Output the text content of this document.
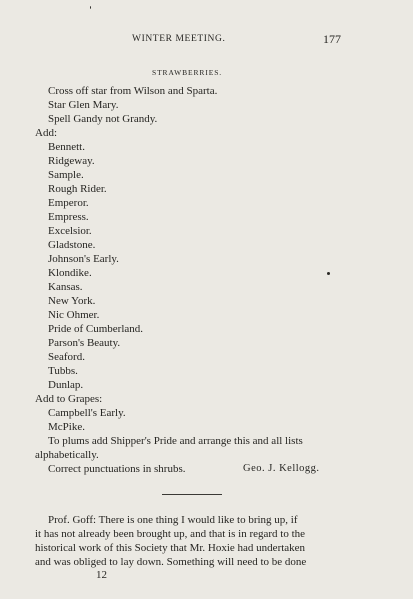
WINTER MEETING.	177
STRAWBERRIES.
Cross off star from Wilson and Sparta.
Star Glen Mary.
Spell Gandy not Grandy.
Add:
Bennett.
Ridgeway.
Sample.
Rough Rider.
Emperor.
Empress.
Excelsior.
Gladstone.
Johnson's Early.
Klondike.
Kansas.
New York.
Nic Ohmer.
Pride of Cumberland.
Parson's Beauty.
Seaford.
Tubbs.
Dunlap.
Add to Grapes:
Campbell's Early.
McPike.
To plums add Shipper's Pride and arrange this and all lists
alphabetically.
Correct punctuations in shrubs.	Geo. J. Kellogg.
Prof. Goff: There is one thing I would like to bring up, if
it has not already been brought up, and that is in regard to the
historical work of this Society that Mr. Hoxie had undertaken
and was obliged to lay down. Something will need to be done
12
